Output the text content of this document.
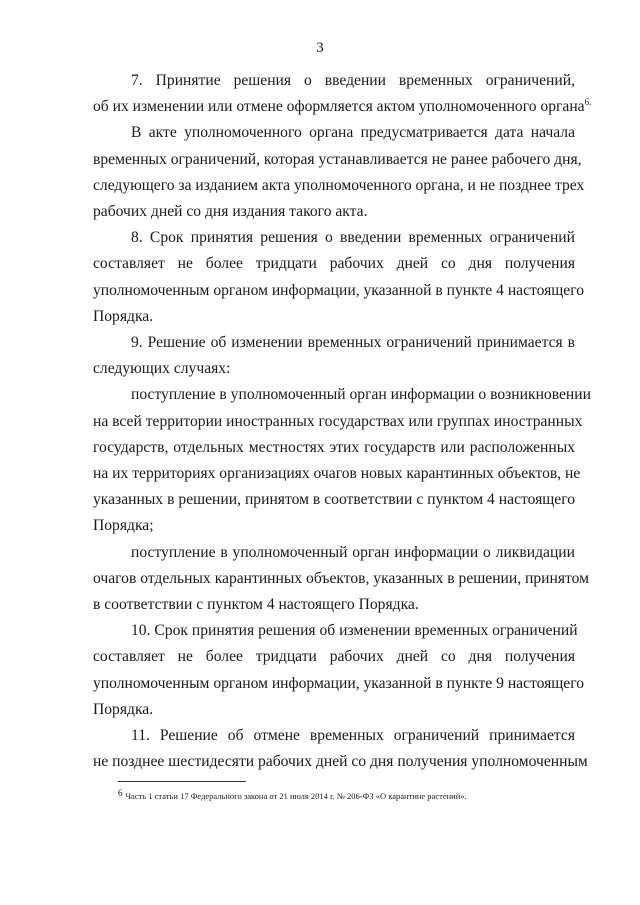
3

7. Принятие решения о введении временных ограничений,
об их изменении или отмене оформляется актом уполномоченного органа$^{6.}$

В акте уполномоченного органа предусматривается дата начала
временных ограничений, которая устанавливается не ранее рабочего дня,
следующего за изданием акта уполномоченного органа, и не позднее трех
рабочих дней со дня издания такого акта.

8. Срок принятия решения о введении временных ограничений
составляет не более тридцати рабочих дней со дня получения
уполномоченным органом информации, указанной в пункте 4 настоящего
Порядка.

9. Решение об изменении временных ограничений принимается в
следующих случаях:

поступление в уполномоченный орган информации о возникновении
на всей территории иностранных государствах или группах иностранных
государств, отдельных местностях этих государств или расположенных
на их территориях организациях очагов новых карантинных объектов, не
указанных в решении, принятом в соответствии с пунктом 4 настоящего
Порядка;

поступление в уполномоченный орган информации о ликвидации
очагов отдельных карантинных объектов, указанных в решении, принятом
в соответствии с пунктом 4 настоящего Порядка.

10. Срок принятия решения об изменении временных ограничений
составляет не более тридцати рабочих дней со дня получения
уполномоченным органом информации, указанной в пункте 9 настоящего
Порядка.

11. Решение об отмене временных ограничений принимается
не позднее шестидесяти рабочих дней со дня получения уполномоченным

$^6$ Часть 1 статьи 17 Федерального закона от 21 июля 2014 г. № 206-ФЗ «О карантине растений».
